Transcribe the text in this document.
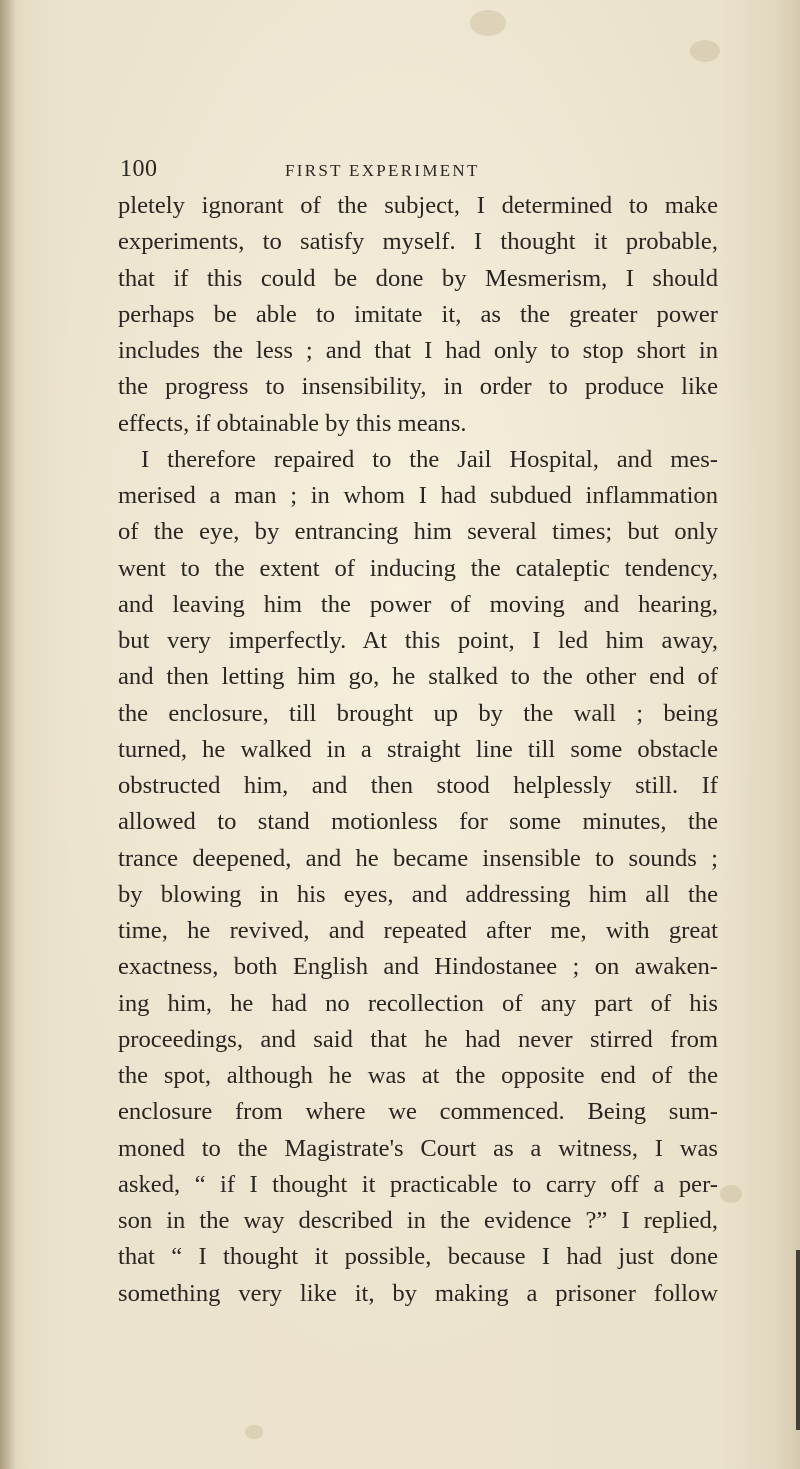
100	FIRST EXPERIMENT
pletely ignorant of the subject, I determined to make
experiments, to satisfy myself. I thought it probable,
that if this could be done by Mesmerism, I should
perhaps be able to imitate it, as the greater power
includes the less ; and that I had only to stop short in
the progress to insensibility, in order to produce like
effects, if obtainable by this means.
I therefore repaired to the Jail Hospital, and mes-
merised a man ; in whom I had subdued inflammation
of the eye, by entrancing him several times; but only
went to the extent of inducing the cataleptic tendency,
and leaving him the power of moving and hearing,
but very imperfectly. At this point, I led him away,
and then letting him go, he stalked to the other end of
the enclosure, till brought up by the wall ; being
turned, he walked in a straight line till some obstacle
obstructed him, and then stood helplessly still. If
allowed to stand motionless for some minutes, the
trance deepened, and he became insensible to sounds ;
by blowing in his eyes, and addressing him all the
time, he revived, and repeated after me, with great
exactness, both English and Hindostanee ; on awaken-
ing him, he had no recollection of any part of his
proceedings, and said that he had never stirred from
the spot, although he was at the opposite end of the
enclosure from where we commenced. Being sum-
moned to the Magistrate's Court as a witness, I was
asked, “ if I thought it practicable to carry off a per-
son in the way described in the evidence ?” I replied,
that “ I thought it possible, because I had just done
something very like it, by making a prisoner follow
